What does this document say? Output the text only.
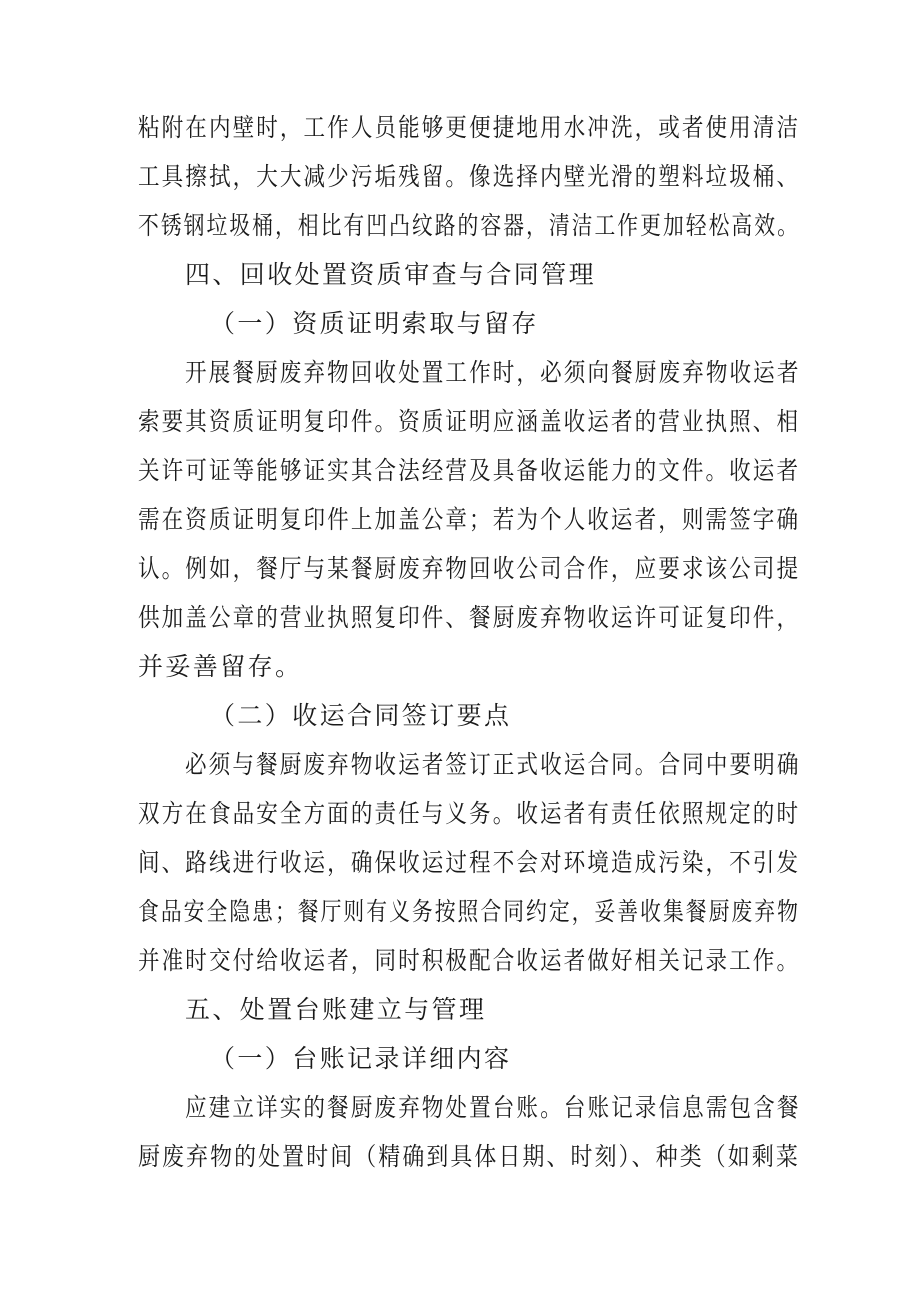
粘附在内壁时，工作人员能够更便捷地用水冲洗，或者使用清洁
工具擦拭，大大减少污垢残留。像选择内壁光滑的塑料垃圾桶、
不锈钢垃圾桶，相比有凹凸纹路的容器，清洁工作更加轻松高效。
四、回收处置资质审查与合同管理
（一）资质证明索取与留存
开展餐厨废弃物回收处置工作时，必须向餐厨废弃物收运者
索要其资质证明复印件。资质证明应涵盖收运者的营业执照、相
关许可证等能够证实其合法经营及具备收运能力的文件。收运者
需在资质证明复印件上加盖公章；若为个人收运者，则需签字确
认。例如，餐厅与某餐厨废弃物回收公司合作，应要求该公司提
供加盖公章的营业执照复印件、餐厨废弃物收运许可证复印件，
并妥善留存。
（二）收运合同签订要点
必须与餐厨废弃物收运者签订正式收运合同。合同中要明确
双方在食品安全方面的责任与义务。收运者有责任依照规定的时
间、路线进行收运，确保收运过程不会对环境造成污染，不引发
食品安全隐患；餐厅则有义务按照合同约定，妥善收集餐厨废弃物
并准时交付给收运者，同时积极配合收运者做好相关记录工作。
五、处置台账建立与管理
（一）台账记录详细内容
应建立详实的餐厨废弃物处置台账。台账记录信息需包含餐
厨废弃物的处置时间（精确到具体日期、时刻）、种类（如剩菜
